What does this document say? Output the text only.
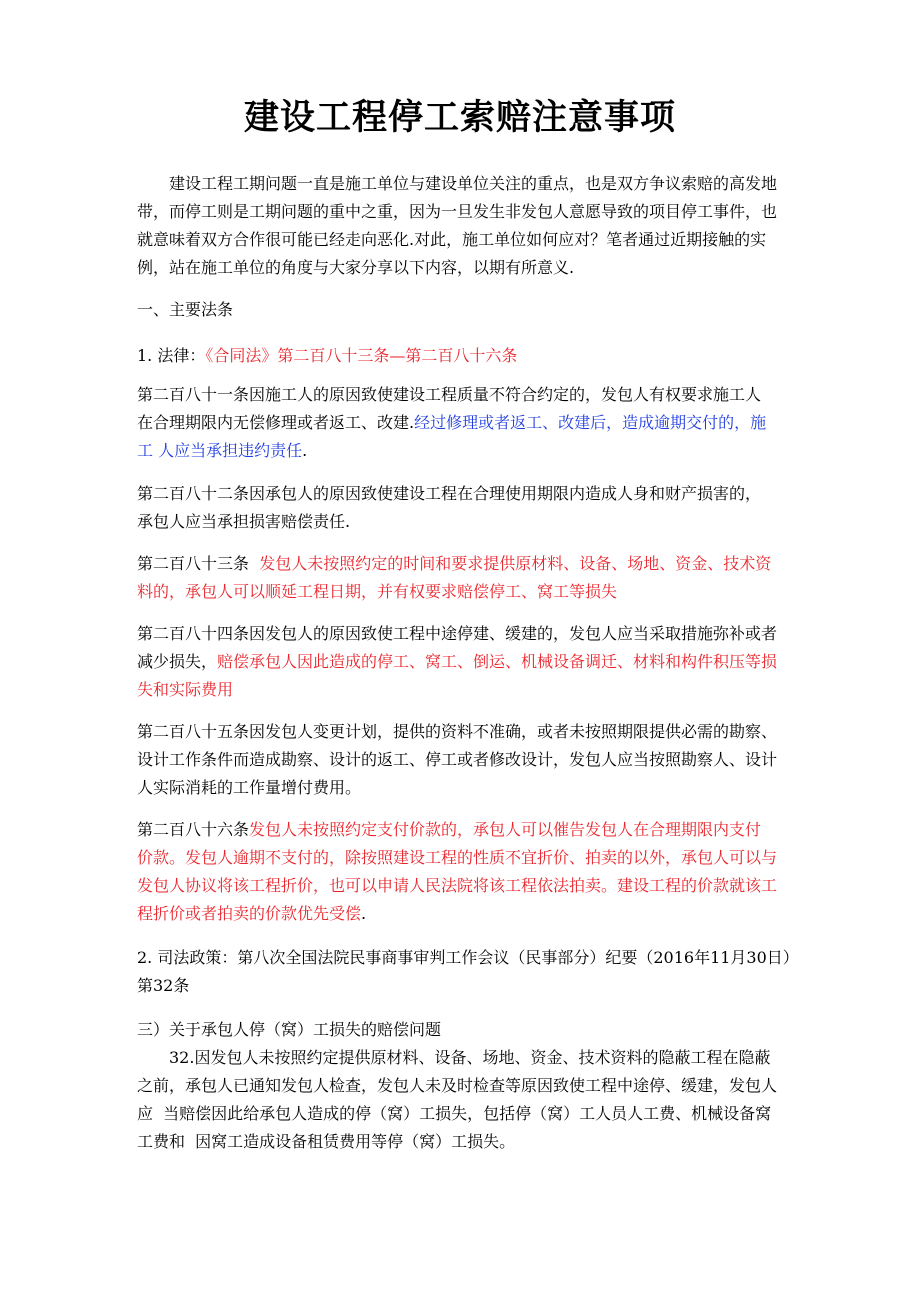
建设工程停工索赔注意事项
建设工程工期问题一直是施工单位与建设单位关注的重点，也是双方争议索赔的高发地
带，而停工则是工期问题的重中之重，因为一旦发生非发包人意愿导致的项目停工事件，也
就意味着双方合作很可能已经走向恶化.对此，施工单位如何应对？笔者通过近期接触的实
例，站在施工单位的角度与大家分享以下内容，以期有所意义.
一、主要法条
1. 法律：《合同法》第二百八十三条—第二百八十六条
第二百八十一条因施工人的原因致使建设工程质量不符合约定的，发包人有权要求施工人
在合理期限内无偿修理或者返工、改建.经过修理或者返工、改建后，造成逾期交付的，施
工 人应当承担违约责任.
第二百八十二条因承包人的原因致使建设工程在合理使用期限内造成人身和财产损害的，
承包人应当承担损害赔偿责任.
第二百八十三条  发包人未按照约定的时间和要求提供原材料、设备、场地、资金、技术资
料的，承包人可以顺延工程日期，并有权要求赔偿停工、窝工等损失
第二百八十四条因发包人的原因致使工程中途停建、缓建的，发包人应当采取措施弥补或者
减少损失，赔偿承包人因此造成的停工、窝工、倒运、机械设备调迁、材料和构件积压等损
失和实际费用
第二百八十五条因发包人变更计划，提供的资料不准确，或者未按照期限提供必需的勘察、
设计工作条件而造成勘察、设计的返工、停工或者修改设计，发包人应当按照勘察人、设计
人实际消耗的工作量增付费用。
第二百八十六条发包人未按照约定支付价款的，承包人可以催告发包人在合理期限内支付
价款。发包人逾期不支付的，除按照建设工程的性质不宜折价、拍卖的以外，承包人可以与
发包人协议将该工程折价，也可以申请人民法院将该工程依法拍卖。建设工程的价款就该工
程折价或者拍卖的价款优先受偿.
2. 司法政策：第八次全国法院民事商事审判工作会议（民事部分）纪要（2016年11月30日）
第32条
三）关于承包人停（窝）工损失的赔偿问题
32.因发包人未按照约定提供原材料、设备、场地、资金、技术资料的隐蔽工程在隐蔽
之前，承包人已通知发包人检查，发包人未及时检查等原因致使工程中途停、缓建，发包人
应  当赔偿因此给承包人造成的停（窝）工损失，包括停（窝）工人员人工费、机械设备窝
工费和  因窝工造成设备租赁费用等停（窝）工损失。
